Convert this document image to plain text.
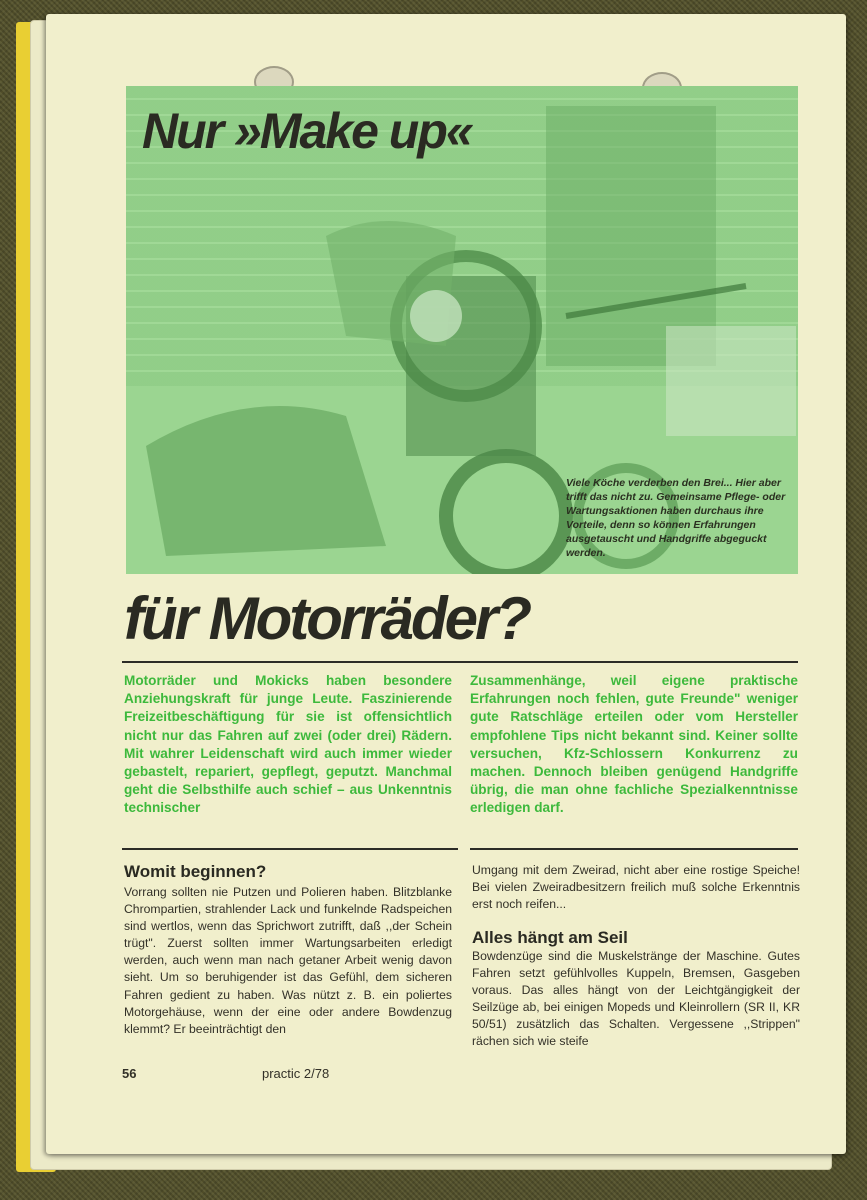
Nur »Make up«

Viele Köche verderben den Brei... Hier aber trifft das nicht zu. Gemeinsame Pflege- oder Wartungsaktionen haben durchaus ihre Vorteile, denn so können Erfahrungen ausgetauscht und Handgriffe abgeguckt werden.

für Motorräder?

Motorräder und Mokicks haben besondere Anziehungskraft für junge Leute. Faszinierende Freizeitbeschäftigung für sie ist offensichtlich nicht nur das Fahren auf zwei (oder drei) Rädern. Mit wahrer Leidenschaft wird auch immer wieder gebastelt, repariert, gepflegt, geputzt. Manchmal geht die Selbsthilfe auch schief – aus Unkenntnis technischer

Zusammenhänge, weil eigene praktische Erfahrungen noch fehlen, gute Freunde" weniger gute Ratschläge erteilen oder vom Hersteller empfohlene Tips nicht bekannt sind. Keiner sollte versuchen, Kfz-Schlossern Konkurrenz zu machen. Dennoch bleiben genügend Handgriffe übrig, die man ohne fachliche Spezialkenntnisse erledigen darf.

Womit beginnen?

Vorrang sollten nie Putzen und Polieren haben. Blitzblanke Chrompartien, strahlender Lack und funkelnde Radspeichen sind wertlos, wenn das Sprichwort zutrifft, daß ,,der Schein trügt". Zuerst sollten immer Wartungsarbeiten erledigt werden, auch wenn man nach getaner Arbeit wenig davon sieht. Um so beruhigender ist das Gefühl, dem sicheren Fahren gedient zu haben. Was nützt z. B. ein poliertes Motorgehäuse, wenn der eine oder andere Bowdenzug klemmt? Er beeinträchtigt den

Umgang mit dem Zweirad, nicht aber eine rostige Speiche! Bei vielen Zweiradbesitzern freilich muß solche Erkenntnis erst noch reifen...

Alles hängt am Seil

Bowdenzüge sind die Muskelstränge der Maschine. Gutes Fahren setzt gefühlvolles Kuppeln, Bremsen, Gasgeben voraus. Das alles hängt von der Leichtgängigkeit der Seilzüge ab, bei einigen Mopeds und Kleinrollern (SR II, KR 50/51) zusätzlich das Schalten. Vergessene ,,Strippen" rächen sich wie steife

56	practic 2/78
